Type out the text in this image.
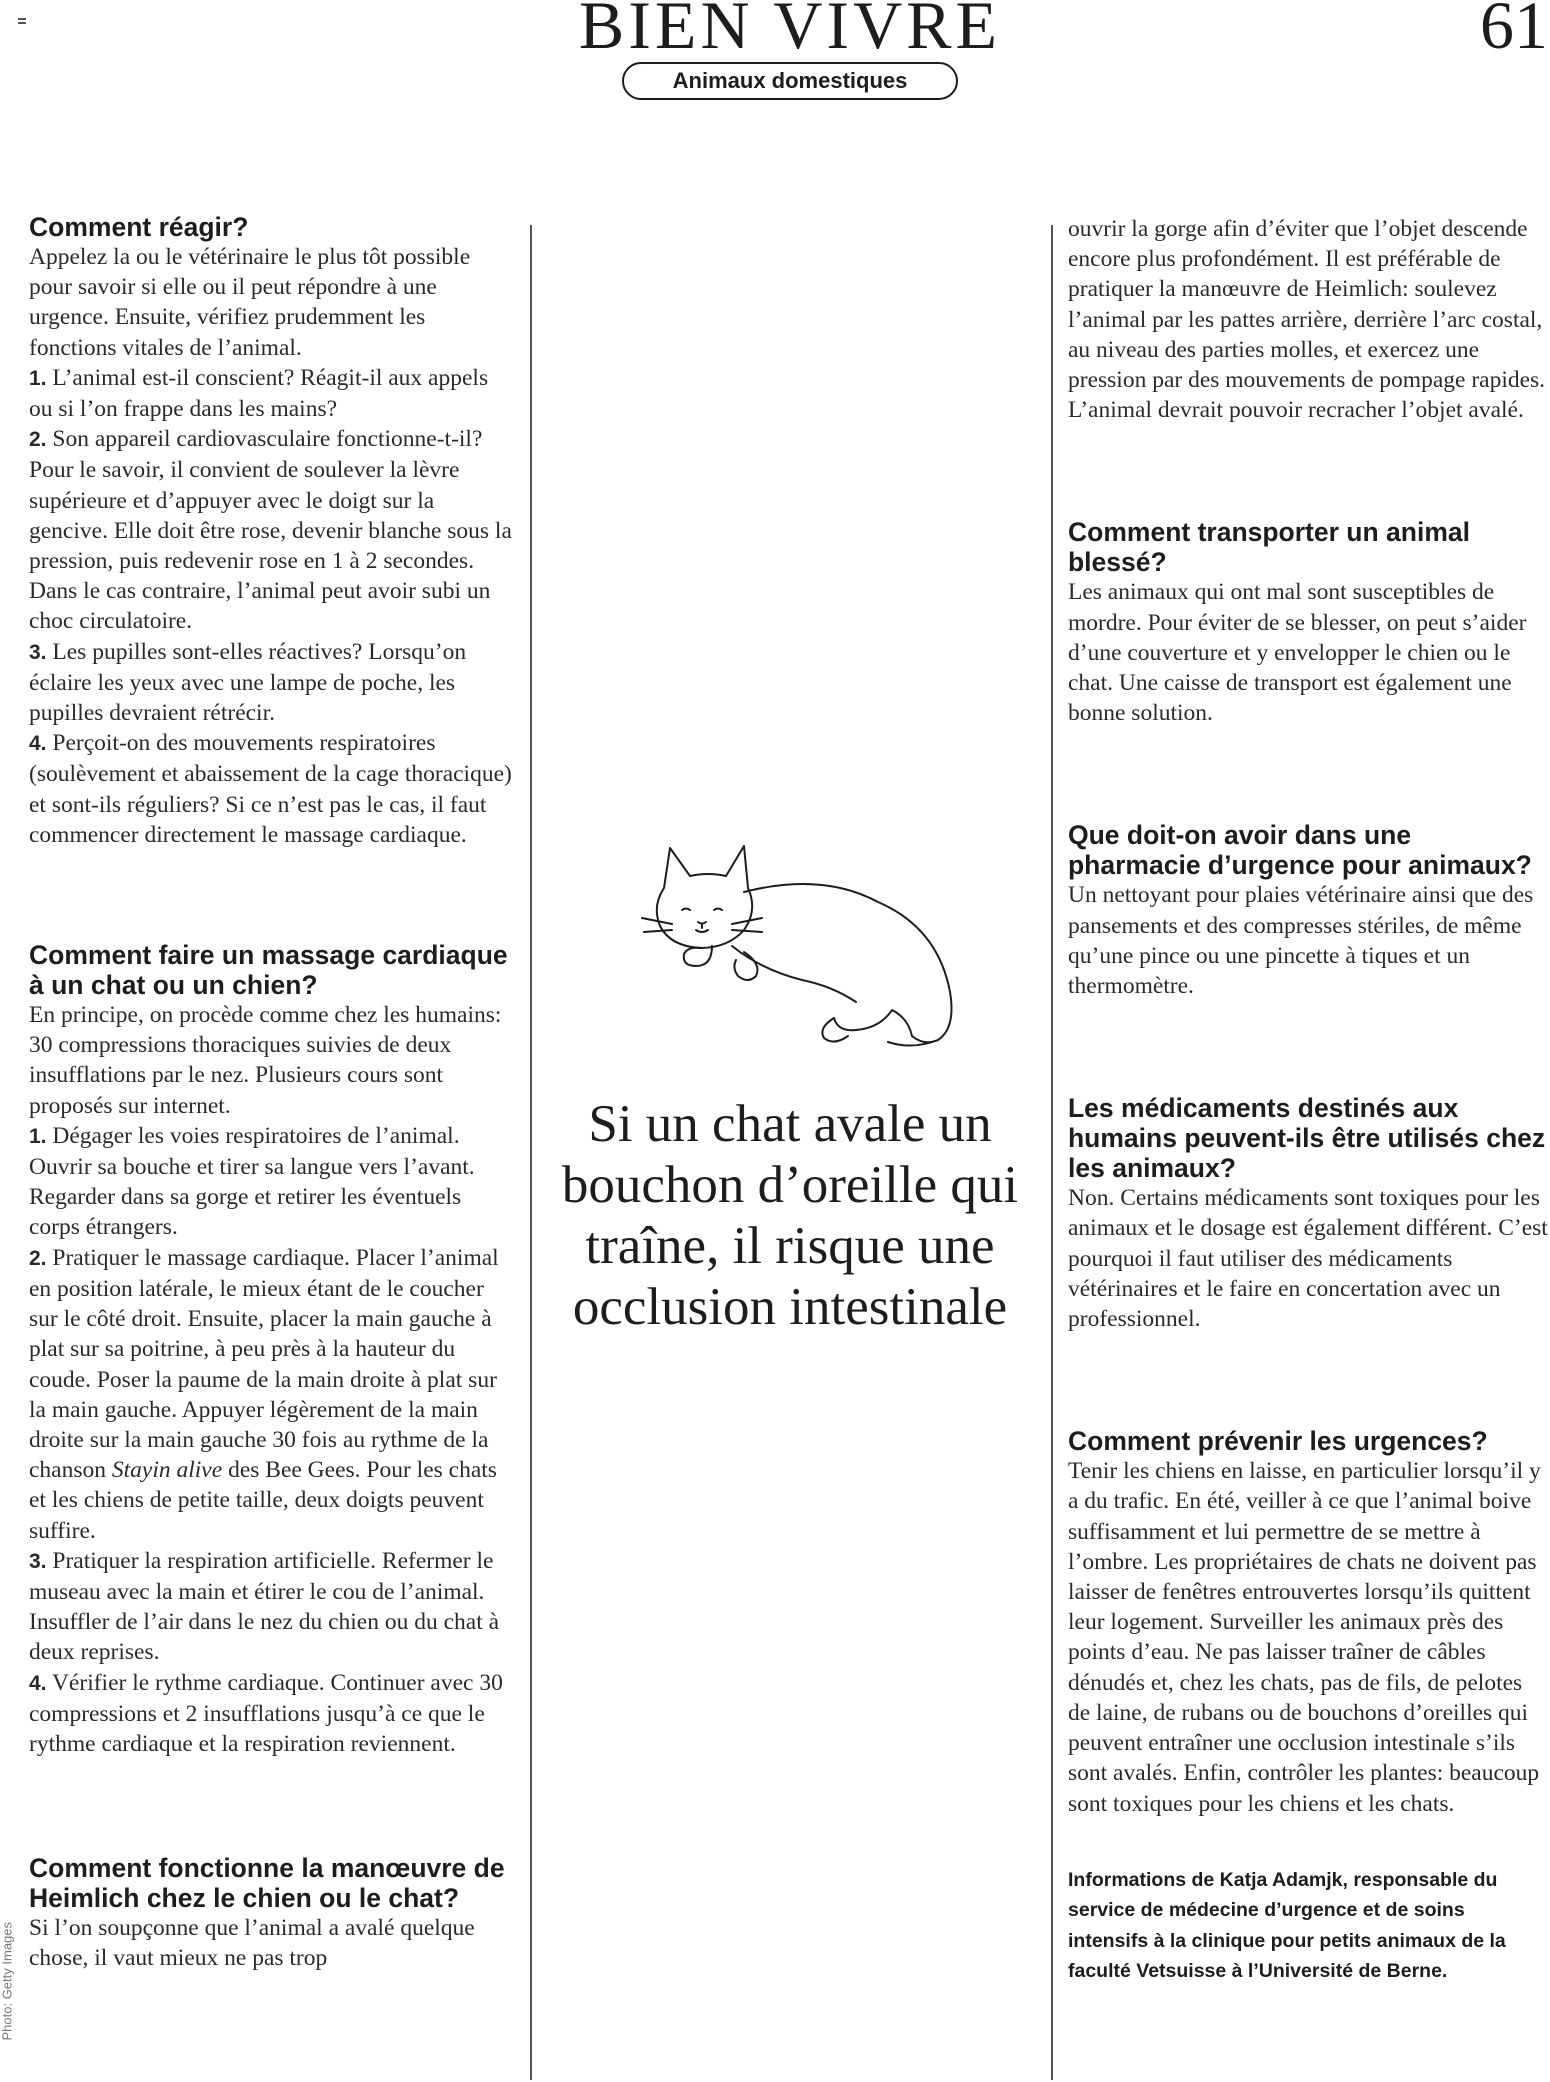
BIEN VIVRE	61
Animaux domestiques
Comment réagir?

Appelez la ou le vétérinaire le plus tôt possible pour savoir si elle ou il peut répondre à une urgence. Ensuite, vérifiez prudemment les fonctions vitales de l’animal.
1. L’animal est-il conscient? Réagit-il aux appels ou si l’on frappe dans les mains?
2. Son appareil cardiovasculaire fonctionne-t-il? Pour le savoir, il convient de soulever la lèvre supérieure et d’appuyer avec le doigt sur la gencive. Elle doit être rose, devenir blanche sous la pression, puis redevenir rose en 1 à 2 secondes. Dans le cas contraire, l’animal peut avoir subi un choc circulatoire.
3. Les pupilles sont-elles réactives? Lorsqu’on éclaire les yeux avec une lampe de poche, les pupilles devraient rétrécir.
4. Perçoit-on des mouvements respiratoires (soulèvement et abaissement de la cage thoracique) et sont-ils réguliers? Si ce n’est pas le cas, il faut commencer directement le massage cardiaque.

Comment faire un massage cardiaque à un chat ou un chien?

En principe, on procède comme chez les humains: 30 compressions thoraciques suivies de deux insufflations par le nez. Plusieurs cours sont proposés sur internet.
1. Dégager les voies respiratoires de l’animal. Ouvrir sa bouche et tirer sa langue vers l’avant. Regarder dans sa gorge et retirer les éventuels corps étrangers.
2. Pratiquer le massage cardiaque. Placer l’animal en position latérale, le mieux étant de le coucher sur le côté droit. Ensuite, placer la main gauche à plat sur sa poitrine, à peu près à la hauteur du coude. Poser la paume de la main droite à plat sur la main gauche. Appuyer légèrement de la main droite sur la main gauche 30 fois au rythme de la chanson Stayin alive des Bee Gees. Pour les chats et les chiens de petite taille, deux doigts peuvent suffire.
3. Pratiquer la respiration artificielle. Refermer le museau avec la main et étirer le cou de l’animal. Insuffler de l’air dans le nez du chien ou du chat à deux reprises.
4. Vérifier le rythme cardiaque. Continuer avec 30 compressions et 2 insufflations jusqu’à ce que le rythme cardiaque et la respiration reviennent.

Comment fonctionne la manœuvre de Heimlich chez le chien ou le chat?

Si l’on soupçonne que l’animal a avalé quelque chose, il vaut mieux ne pas trop

Si un chat avale un bouchon d’oreille qui traîne, il risque une occlusion intestinale

ouvrir la gorge afin d’éviter que l’objet descende encore plus profondément. Il est préférable de pratiquer la manœuvre de Heimlich: soulevez l’animal par les pattes arrière, derrière l’arc costal, au niveau des parties molles, et exercez une pression par des mouvements de pompage rapides. L’animal devrait pouvoir recracher l’objet avalé.

Comment transporter un animal blessé?

Les animaux qui ont mal sont susceptibles de mordre. Pour éviter de se blesser, on peut s’aider d’une couverture et y envelopper le chien ou le chat. Une caisse de transport est également une bonne solution.

Que doit-on avoir dans une pharmacie d’urgence pour animaux?

Un nettoyant pour plaies vétérinaire ainsi que des pansements et des compresses stériles, de même qu’une pince ou une pincette à tiques et un thermomètre.

Les médicaments destinés aux humains peuvent-ils être utilisés chez les animaux?

Non. Certains médicaments sont toxiques pour les animaux et le dosage est également différent. C’est pourquoi il faut utiliser des médicaments vétérinaires et le faire en concertation avec un professionnel.

Comment prévenir les urgences?

Tenir les chiens en laisse, en particulier lorsqu’il y a du trafic. En été, veiller à ce que l’animal boive suffisamment et lui permettre de se mettre à l’ombre. Les propriétaires de chats ne doivent pas laisser de fenêtres entrouvertes lorsqu’ils quittent leur logement. Surveiller les animaux près des points d’eau. Ne pas laisser traîner de câbles dénudés et, chez les chats, pas de fils, de pelotes de laine, de rubans ou de bouchons d’oreilles qui peuvent entraîner une occlusion intestinale s’ils sont avalés. Enfin, contrôler les plantes: beaucoup sont toxiques pour les chiens et les chats.

Informations de Katja Adamjk, responsable du service de médecine d’urgence et de soins intensifs à la clinique pour petits animaux de la faculté Vetsuisse à l’Université de Berne.
Photo: Getty Images
